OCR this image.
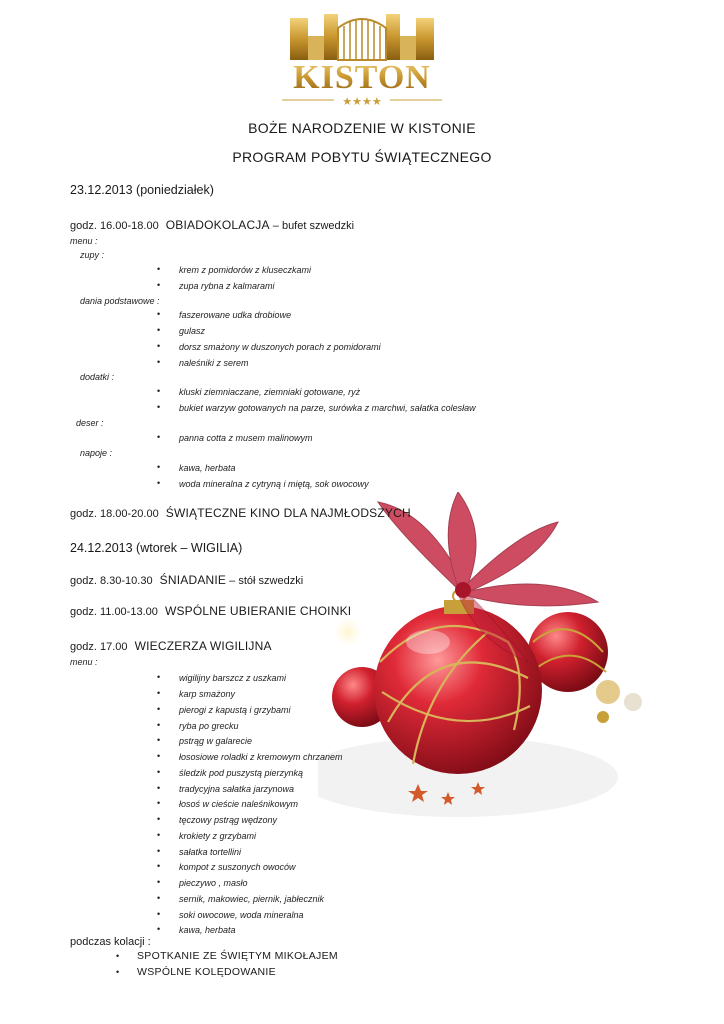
KISTON
★★★★
BOŻE NARODZENIE W KISTONIE
PROGRAM POBYTU ŚWIĄTECZNEGO
23.12.2013 (poniedziałek)
godz. 16.00-18.00 OBIADOKOLACJA – bufet szwedzki
menu :
zupy :
• krem z pomidorów z kluseczkami
• zupa rybna z kalmarami
dania podstawowe :
• faszerowane udka drobiowe
• gulasz
• dorsz smażony w duszonych porach z pomidorami
• naleśniki z serem
dodatki :
• kluski ziemniaczane, ziemniaki gotowane, ryż
• bukiet warzyw gotowanych na parze, surówka z marchwi, sałatka colesław
deser :
• panna cotta z musem malinowym
napoje :
• kawa, herbata
• woda mineralna z cytryną i miętą, sok owocowy
godz. 18.00-20.00 ŚWIĄTECZNE KINO DLA NAJMŁODSZYCH
24.12.2013 (wtorek – WIGILIA)
godz. 8.30-10.30 ŚNIADANIE – stół szwedzki
godz. 11.00-13.00 WSPÓLNE UBIERANIE CHOINKI
godz. 17.00 WIECZERZA WIGILIJNA
menu :
• wigilijny barszcz z uszkami
• karp smażony
• pierogi z kapustą i grzybami
• ryba po grecku
• pstrąg w galarecie
• łososiowe roladki z kremowym chrzanem
• śledzik pod puszystą pierzynką
• tradycyjna sałatka jarzynowa
• łosoś w cieście naleśnikowym
• tęczowy pstrąg wędzony
• krokiety z grzybami
• sałatka tortellini
• kompot z suszonych owoców
• pieczywo , masło
• sernik, makowiec, piernik, jabłecznik
• soki owocowe, woda mineralna
• kawa, herbata
podczas kolacji :
• SPOTKANIE ZE ŚWIĘTYM MIKOŁAJEM
• WSPÓLNE KOLĘDOWANIE
